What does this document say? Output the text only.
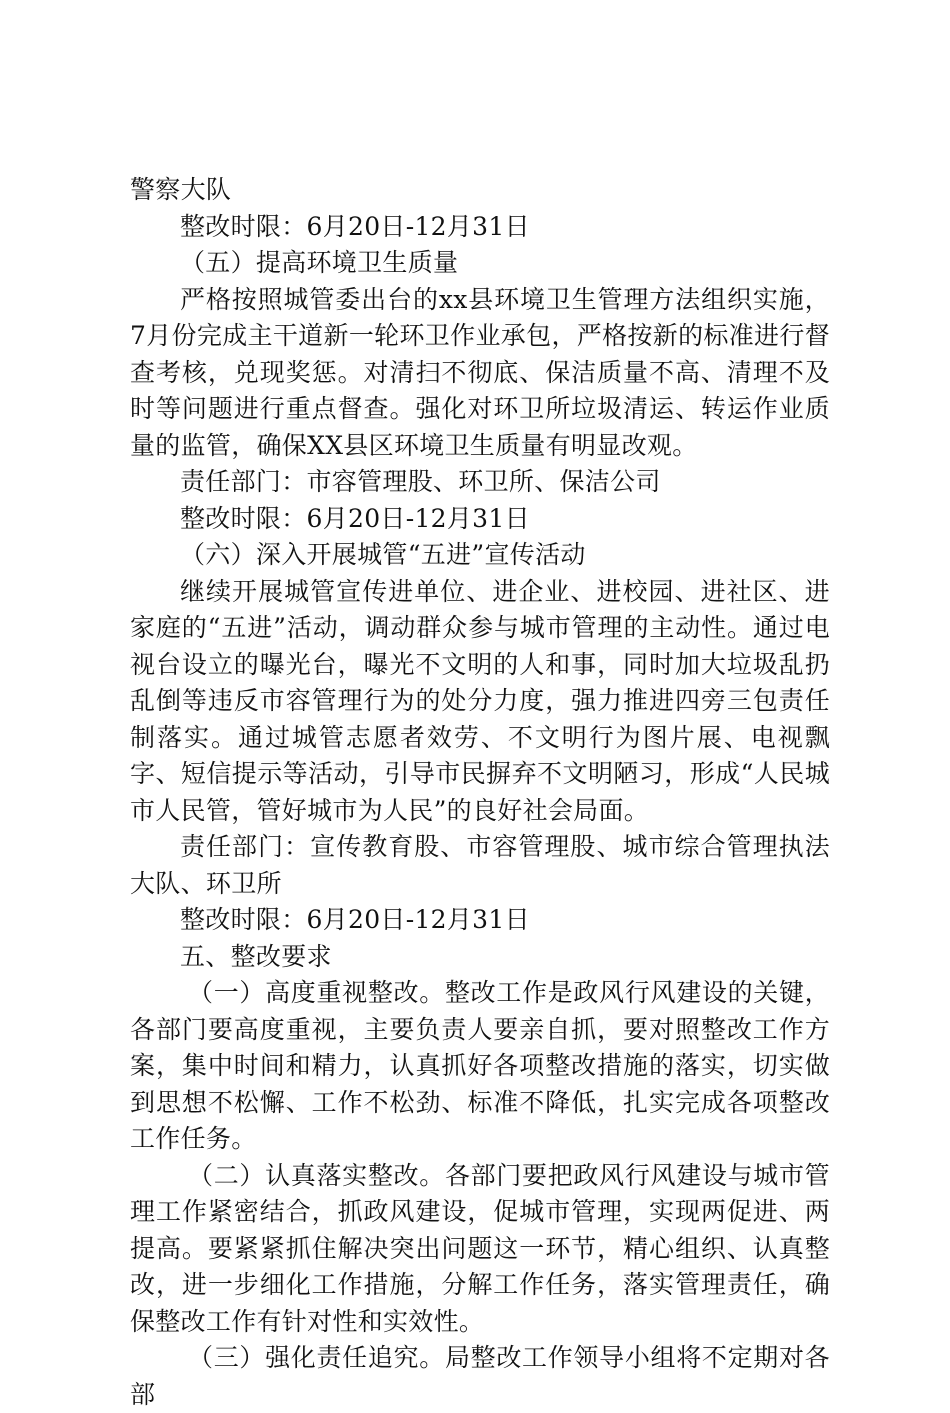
警察大队

整改时限：6月20日-12月31日

（五）提高环境卫生质量

严格按照城管委出台的xx县环境卫生管理方法组织实施，7月份完成主干道新一轮环卫作业承包，严格按新的标准进行督查考核，兑现奖惩。对清扫不彻底、保洁质量不高、清理不及时等问题进行重点督查。强化对环卫所垃圾清运、转运作业质量的监管，确保XX县区环境卫生质量有明显改观。

责任部门：市容管理股、环卫所、保洁公司

整改时限：6月20日-12月31日

（六）深入开展城管“五进”宣传活动

继续开展城管宣传进单位、进企业、进校园、进社区、进家庭的“五进”活动，调动群众参与城市管理的主动性。通过电视台设立的曝光台，曝光不文明的人和事，同时加大垃圾乱扔乱倒等违反市容管理行为的处分力度，强力推进四旁三包责任制落实。通过城管志愿者效劳、不文明行为图片展、电视飘字、短信提示等活动，引导市民摒弃不文明陋习，形成“人民城市人民管，管好城市为人民”的良好社会局面。

责任部门：宣传教育股、市容管理股、城市综合管理执法大队、环卫所

整改时限：6月20日-12月31日

五、整改要求

（一）高度重视整改。整改工作是政风行风建设的关键，各部门要高度重视，主要负责人要亲自抓，要对照整改工作方案，集中时间和精力，认真抓好各项整改措施的落实，切实做到思想不松懈、工作不松劲、标准不降低，扎实完成各项整改工作任务。

（二）认真落实整改。各部门要把政风行风建设与城市管理工作紧密结合，抓政风建设，促城市管理，实现两促进、两提高。要紧紧抓住解决突出问题这一环节，精心组织、认真整改，进一步细化工作措施，分解工作任务，落实管理责任，确保整改工作有针对性和实效性。

（三）强化责任追究。局整改工作领导小组将不定期对各部
